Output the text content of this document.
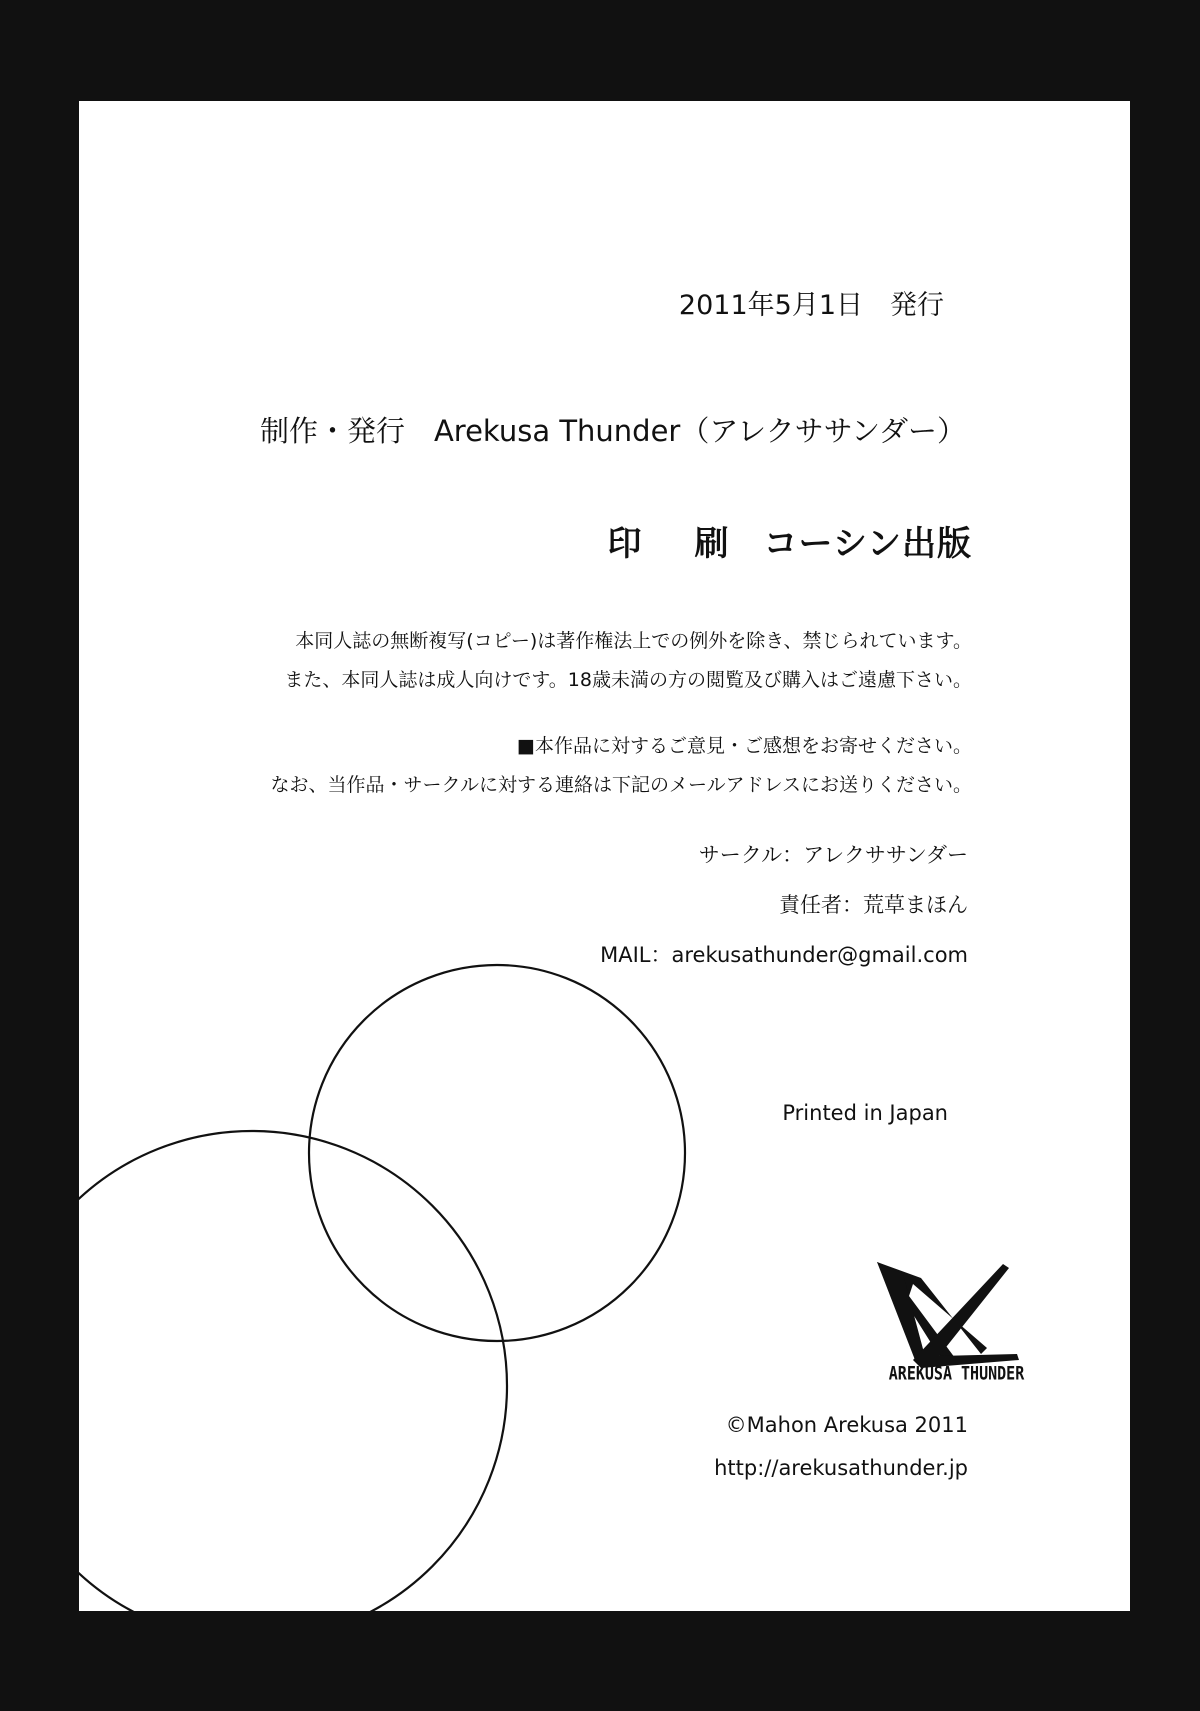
2011年5月1日　発行
制作・発行　Arekusa Thunder（アレクササンダー）
印 刷 コーシン出版
本同人誌の無断複写(コピー)は著作権法上での例外を除き、禁じられています。
また、本同人誌は成人向けです。18歳未満の方の閲覧及び購入はご遠慮下さい。
■本作品に対するご意見・ご感想をお寄せください。
なお、当作品・サークルに対する連絡は下記のメールアドレスにお送りください。
サークル：アレクササンダー
責任者：荒草まほん
MAIL：arekusathunder@gmail.com
Printed in Japan
AREKUSA THUNDER
©Mahon Arekusa 2011
http://arekusathunder.jp
